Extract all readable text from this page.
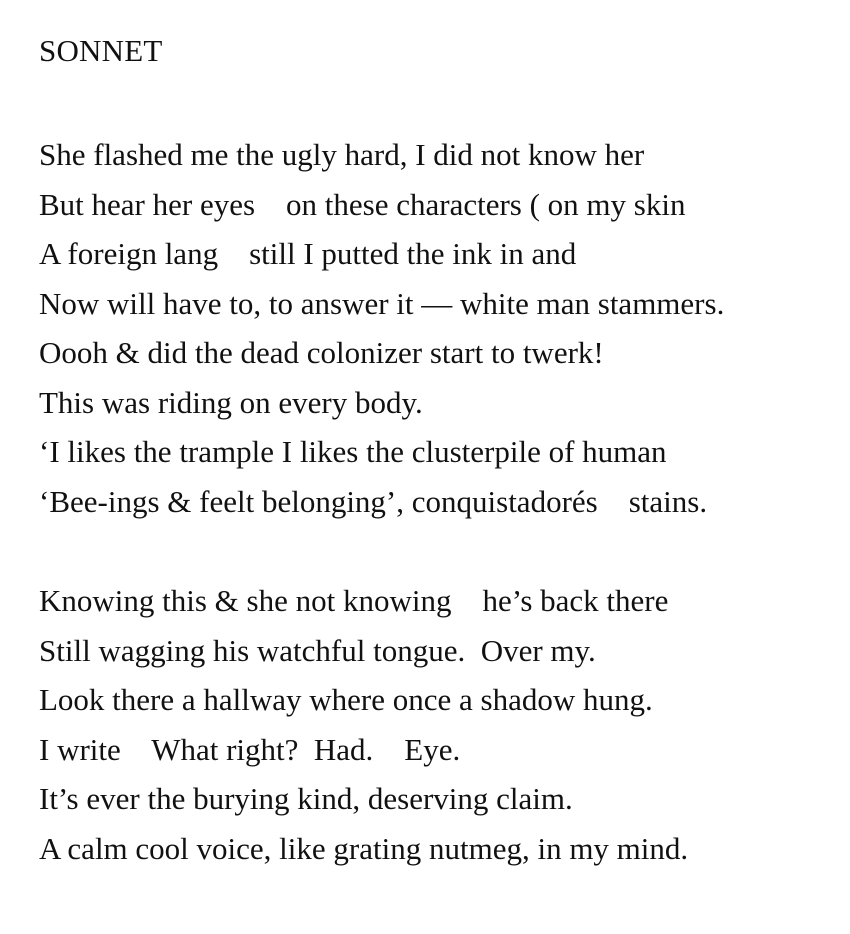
SONNET

She flashed me the ugly hard, I did not know her

But hear her eyes    on these characters ( on my skin

A foreign lang    still I putted the ink in and

Now will have to, to answer it — white man stammers.

Oooh & did the dead colonizer start to twerk!

This was riding on every body.

‘I likes the trample I likes the clusterpile of human

‘Bee-ings & feelt belonging’, conquistadorés    stains.

Knowing this & she not knowing    he’s back there

Still wagging his watchful tongue.  Over my.

Look there a hallway where once a shadow hung.

I write    What right?  Had.    Eye.

It’s ever the burying kind, deserving claim.

A calm cool voice, like grating nutmeg, in my mind.
